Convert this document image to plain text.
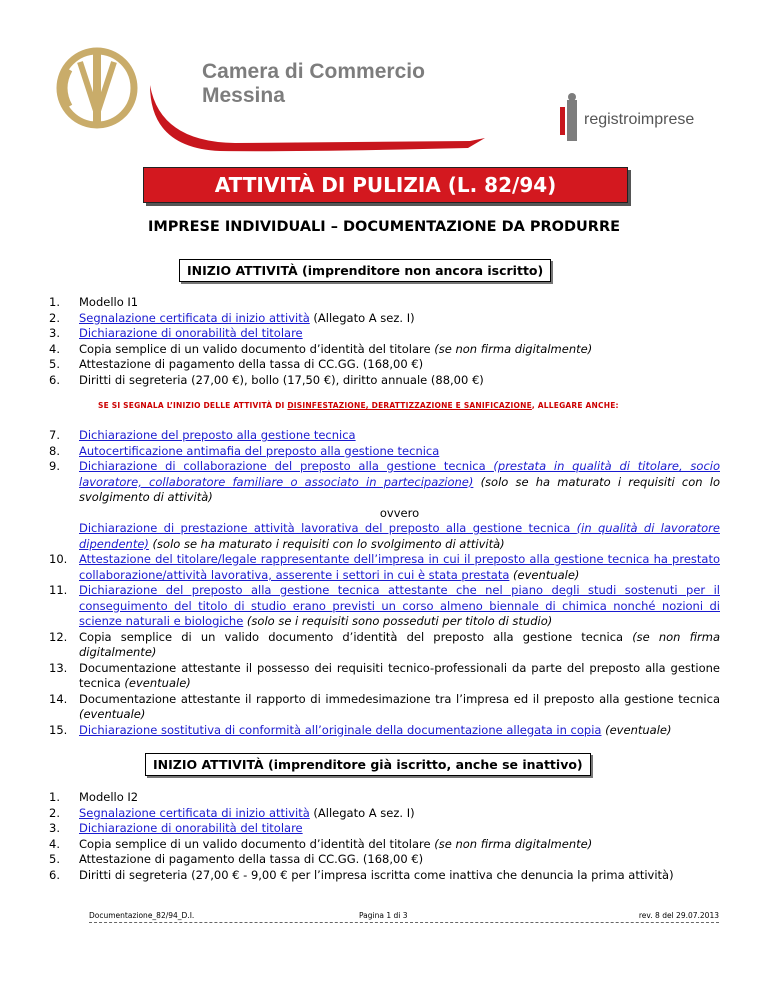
Camera di Commercio
Messina
registroimprese
ATTIVITÀ DI PULIZIA (L. 82/94)
IMPRESE INDIVIDUALI – DOCUMENTAZIONE DA PRODURRE
INIZIO ATTIVITÀ (imprenditore non ancora iscritto)
1. Modello I1
2. Segnalazione certificata di inizio attività (Allegato A sez. I)
3. Dichiarazione di onorabilità del titolare
4. Copia semplice di un valido documento d’identità del titolare (se non firma digitalmente)
5. Attestazione di pagamento della tassa di CC.GG. (168,00 €)
6. Diritti di segreteria (27,00 €), bollo (17,50 €), diritto annuale (88,00 €)
SE SI SEGNALA L’INIZIO DELLE ATTIVITÀ DI DISINFESTAZIONE, DERATTIZZAZIONE E SANIFICAZIONE, ALLEGARE ANCHE:
7. Dichiarazione del preposto alla gestione tecnica
8. Autocertificazione antimafia del preposto alla gestione tecnica
9. Dichiarazione di collaborazione del preposto alla gestione tecnica (prestata in qualità di titolare, socio lavoratore, collaboratore familiare o associato in partecipazione) (solo se ha maturato i requisiti con lo svolgimento di attività)
ovvero
Dichiarazione di prestazione attività lavorativa del preposto alla gestione tecnica (in qualità di lavoratore dipendente) (solo se ha maturato i requisiti con lo svolgimento di attività)
10. Attestazione del titolare/legale rappresentante dell’impresa in cui il preposto alla gestione tecnica ha prestato collaborazione/attività lavorativa, asserente i settori in cui è stata prestata (eventuale)
11. Dichiarazione del preposto alla gestione tecnica attestante che nel piano degli studi sostenuti per il conseguimento del titolo di studio erano previsti un corso almeno biennale di chimica nonché nozioni di scienze naturali e biologiche (solo se i requisiti sono posseduti per titolo di studio)
12. Copia semplice di un valido documento d’identità del preposto alla gestione tecnica (se non firma digitalmente)
13. Documentazione attestante il possesso dei requisiti tecnico-professionali da parte del preposto alla gestione tecnica (eventuale)
14. Documentazione attestante il rapporto di immedesimazione tra l’impresa ed il preposto alla gestione tecnica (eventuale)
15. Dichiarazione sostitutiva di conformità all’originale della documentazione allegata in copia (eventuale)
INIZIO ATTIVITÀ (imprenditore già iscritto, anche se inattivo)
1. Modello I2
2. Segnalazione certificata di inizio attività (Allegato A sez. I)
3. Dichiarazione di onorabilità del titolare
4. Copia semplice di un valido documento d’identità del titolare (se non firma digitalmente)
5. Attestazione di pagamento della tassa di CC.GG. (168,00 €)
6. Diritti di segreteria (27,00 € - 9,00 € per l’impresa iscritta come inattiva che denuncia la prima attività)
Documentazione_82/94_D.I.	Pagina 1 di 3	rev. 8 del 29.07.2013
